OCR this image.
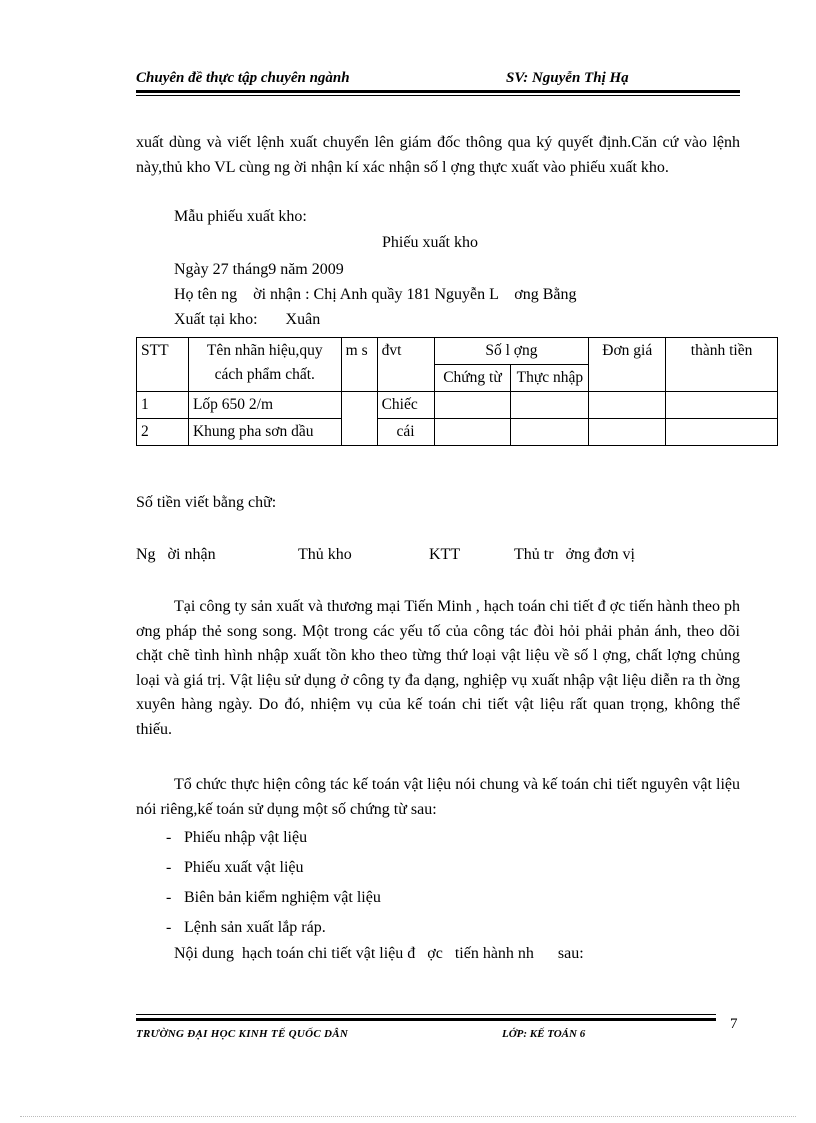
Chuyên đề thực tập chuyên ngành	SV: Nguyễn Thị Hạ
xuất dùng và viết lệnh xuất chuyển lên giám đốc thông qua ký quyết định.Căn cứ vào lệnh này,thủ kho VL cùng ng ời nhận kí xác nhận số l ợng thực xuất vào phiếu xuất kho.
Mẫu phiếu xuất kho:
Phiếu xuất kho
Ngày 27 tháng9 năm 2009
Họ tên ng    ời nhận : Chị Anh quầy 181 Nguyễn L    ơng Bằng
Xuất tại kho:       Xuân
STT	Tên nhãn hiệu,quy cách phẩm chất.	m s	đvt	Số l ợng		Đơn giá	thành tiền
				Chứng từ	Thực nhập		
1	Lốp 650 2/m		Chiếc				
2	Khung pha sơn dầu		cái				
Số tiền viết bằng chữ:
Ng   ời nhận	Thủ kho	KTT	Thủ tr   ởng đơn vị
Tại công ty sản xuất và thương mại Tiến Minh , hạch toán chi tiết đ ợc tiến hành theo ph ơng pháp thẻ song song. Một trong các yếu tố của công tác đòi hỏi phải phản ánh, theo dõi chặt chẽ tình hình nhập xuất tồn kho theo từng thứ loại vật liệu về số l ợng, chất lợng chủng loại và giá trị. Vật liệu sử dụng ở công ty đa dạng, nghiệp vụ xuất nhập vật liệu diễn ra th ờng xuyên hàng ngày. Do đó, nhiệm vụ của kế toán chi tiết vật liệu rất quan trọng, không thể thiếu.
Tổ chức thực hiện công tác kế toán vật liệu nói chung và kế toán chi tiết nguyên vật liệu nói riêng,kế toán sử dụng một số chứng từ sau:
- Phiếu nhập vật liệu
- Phiếu xuất vật liệu
- Biên bản kiểm nghiệm vật liệu
- Lệnh sản xuất lắp ráp.
Nội dung  hạch toán chi tiết vật liệu đ   ợc   tiến hành nh      sau:
TRƯỜNG ĐẠI HỌC KINH TẾ QUỐC DÂN	LỚP: KẾ TOÁN 6
7
